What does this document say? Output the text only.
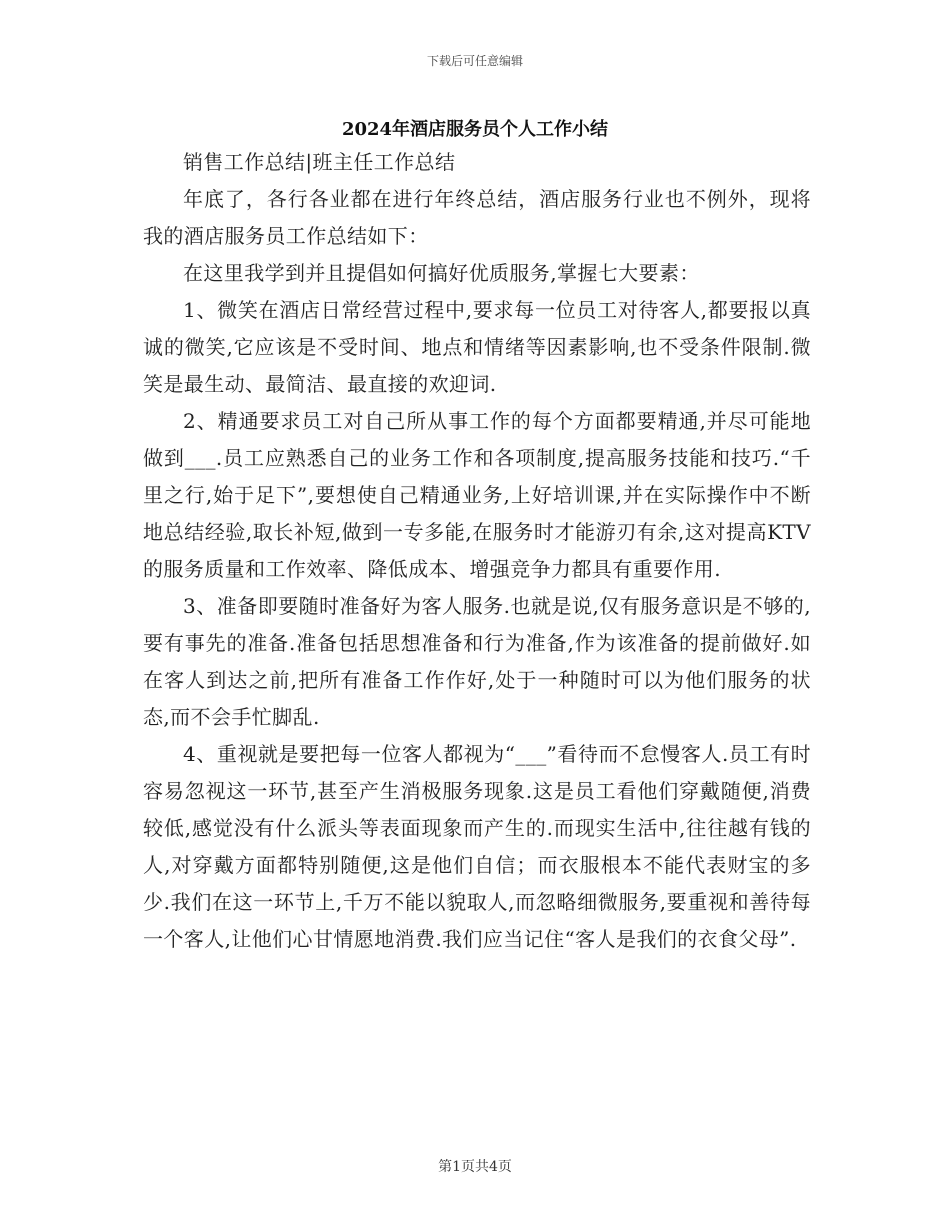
下载后可任意编辑
2024年酒店服务员个人工作小结

销售工作总结|班主任工作总结

年底了，各行各业都在进行年终总结，酒店服务行业也不例外，现将我的酒店服务员工作总结如下：

在这里我学到并且提倡如何搞好优质服务,掌握七大要素：

1、微笑在酒店日常经营过程中,要求每一位员工对待客人,都要报以真诚的微笑,它应该是不受时间、地点和情绪等因素影响,也不受条件限制.微笑是最生动、最简洁、最直接的欢迎词.

2、精通要求员工对自己所从事工作的每个方面都要精通,并尽可能地做到___.员工应熟悉自己的业务工作和各项制度,提高服务技能和技巧.“千里之行,始于足下”,要想使自己精通业务,上好培训课,并在实际操作中不断地总结经验,取长补短,做到一专多能,在服务时才能游刃有余,这对提高KTV的服务质量和工作效率、降低成本、增强竞争力都具有重要作用.

3、准备即要随时准备好为客人服务.也就是说,仅有服务意识是不够的,要有事先的准备.准备包括思想准备和行为准备,作为该准备的提前做好.如在客人到达之前,把所有准备工作作好,处于一种随时可以为他们服务的状态,而不会手忙脚乱.

4、重视就是要把每一位客人都视为“___”看待而不怠慢客人.员工有时容易忽视这一环节,甚至产生消极服务现象.这是员工看他们穿戴随便,消费较低,感觉没有什么派头等表面现象而产生的.而现实生活中,往往越有钱的人,对穿戴方面都特别随便,这是他们自信；而衣服根本不能代表财宝的多少.我们在这一环节上,千万不能以貌取人,而忽略细微服务,要重视和善待每一个客人,让他们心甘情愿地消费.我们应当记住“客人是我们的衣食父母”.

第1页共4页
